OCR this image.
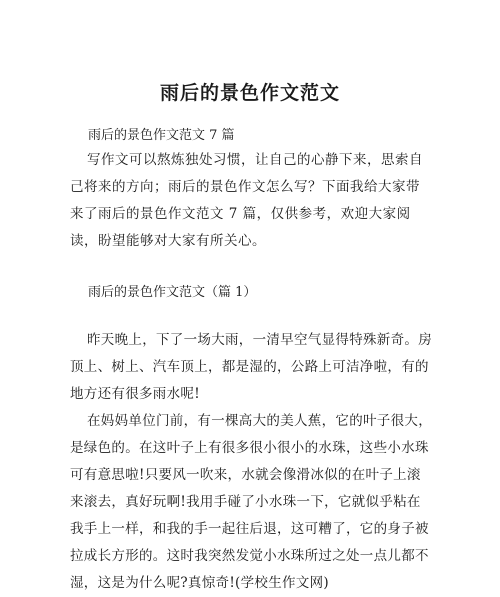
雨后的景色作文范文
雨后的景色作文范文 7 篇
写作文可以熬炼独处习惯，让自己的心静下来，思索自己将来的方向；雨后的景色作文怎么写？下面我给大家带来了雨后的景色作文范文 7 篇，仅供参考，欢迎大家阅读，盼望能够对大家有所关心。
雨后的景色作文范文（篇 1）

昨天晚上，下了一场大雨，一清早空气显得特殊新奇。房顶上、树上、汽车顶上，都是湿的，公路上可洁净啦，有的地方还有很多雨水呢!

在妈妈单位门前，有一棵高大的美人蕉，它的叶子很大，是绿色的。在这叶子上有很多很小很小的水珠，这些小水珠可有意思啦!只要风一吹来，水就会像滑冰似的在叶子上滚来滚去，真好玩啊!我用手碰了小水珠一下，它就似乎粘在我手上一样，和我的手一起往后退，这可糟了，它的身子被拉成长方形的。这时我突然发觉小水珠所过之处一点儿都不湿，这是为什么呢?真惊奇!(学校生作文网)
